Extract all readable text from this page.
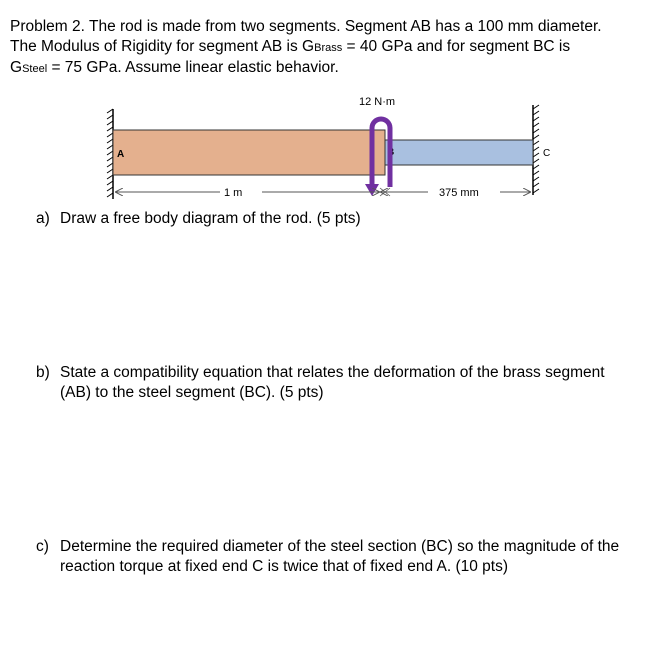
Problem 2. The rod is made from two segments. Segment AB has a 100 mm diameter.
The Modulus of Rigidity for segment AB is GBrass = 40 GPa and for segment BC is
GSteel = 75 GPa. Assume linear elastic behavior.
A	B	C
12 N·m
1 m	375 mm
a) Draw a free body diagram of the rod. (5 pts)
b) State a compatibility equation that relates the deformation of the brass segment (AB) to the steel segment (BC). (5 pts)
c) Determine the required diameter of the steel section (BC) so the magnitude of the reaction torque at fixed end C is twice that of fixed end A. (10 pts)
